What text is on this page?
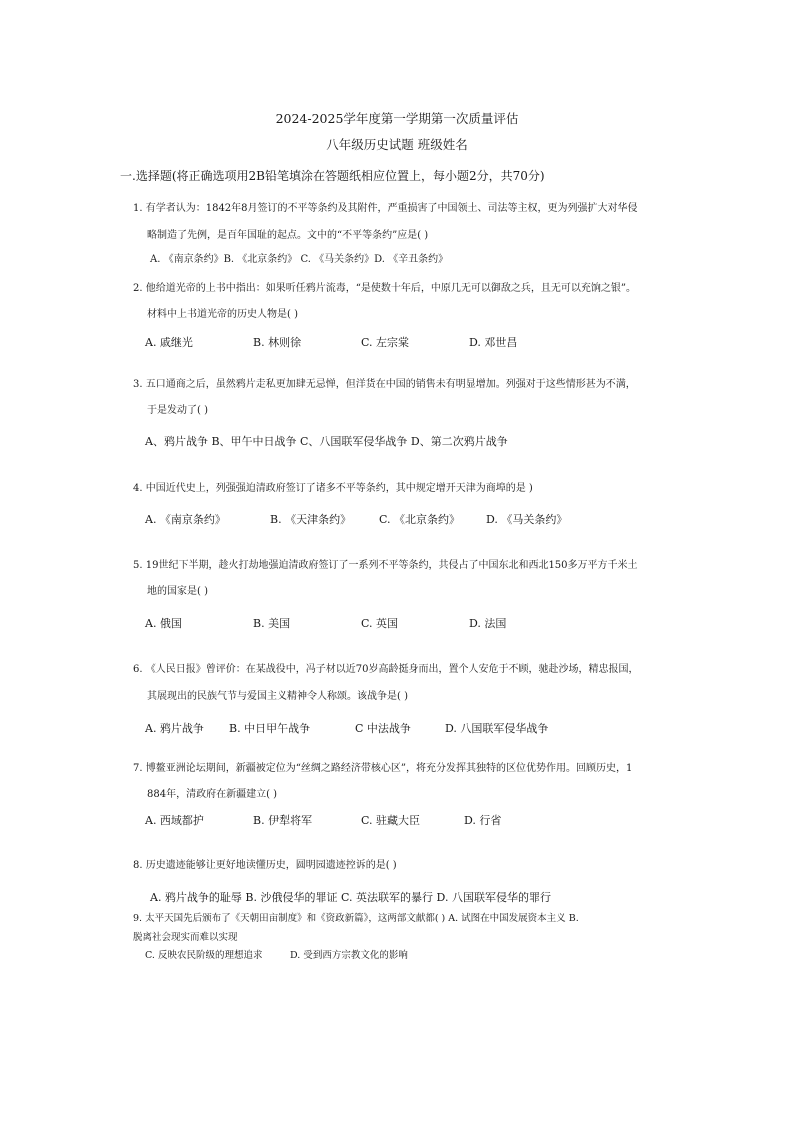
2024-2025学年度第一学期第一次质量评估
八年级历史试题 班级姓名
一.选择题(将正确选项用2B铅笔填涂在答题纸相应位置上，每小题2分，共70分)
1. 有学者认为：1842年8月签订的不平等条约及其附件，严重损害了中国领土、司法等主权，更为列强扩大对华侵
略制造了先例，是百年国耻的起点。文中的“不平等条约”应是( )
A. 《南京条约》B. 《北京条约》 C. 《马关条约》D. 《辛丑条约》
2. 他给道光帝的上书中指出：如果听任鸦片流毒，“是使数十年后，中原几无可以御敌之兵，且无可以充饷之银”。
材料中上书道光帝的历史人物是( )
A. 戚继光	B. 林则徐	C. 左宗棠	D. 邓世昌
3. 五口通商之后，虽然鸦片走私更加肆无忌惮，但洋货在中国的销售未有明显增加。列强对于这些情形甚为不满，
于是发动了( )
A、鸦片战争 B、甲午中日战争 C、八国联军侵华战争 D、第二次鸦片战争
4. 中国近代史上，列强强迫清政府签订了诸多不平等条约，其中规定增开天津为商埠的是 )
A. 《南京条约》	B. 《天津条约》	C. 《北京条约》 D. 《马关条约》
5. 19世纪下半期，趁火打劫地强迫清政府签订了一系列不平等条约，共侵占了中国东北和西北150多万平方千米土
地的国家是( )
A. 俄国	B. 美国	C. 英国	D. 法国
6. 《人民日报》曾评价：在某战役中，冯子材以近70岁高龄挺身而出，置个人安危于不顾，驰赴沙场，精忠报国，
其展现出的民族气节与爱国主义精神令人称颂。该战争是( )
A. 鸦片战争 B. 中日甲午战争	C 中法战争	D. 八国联军侵华战争
7. 博鳌亚洲论坛期间，新疆被定位为“丝绸之路经济带核心区”，将充分发挥其独特的区位优势作用。回顾历史，1
884年，清政府在新疆建立( )
A. 西域都护	B. 伊犁将军	C. 驻藏大臣	D. 行省
8. 历史遗迹能够让更好地读懂历史，圆明园遗迹控诉的是( )
A. 鸦片战争的耻辱 B. 沙俄侵华的罪证 C. 英法联军的暴行 D. 八国联军侵华的罪行
9. 太平天国先后颁布了《天朝田亩制度》和《资政新篇》，这两部文献都( ) A. 试图在中国发展资本主义 B.
脱离社会现实而难以实现
C. 反映农民阶级的理想追求	D. 受到西方宗教文化的影响
